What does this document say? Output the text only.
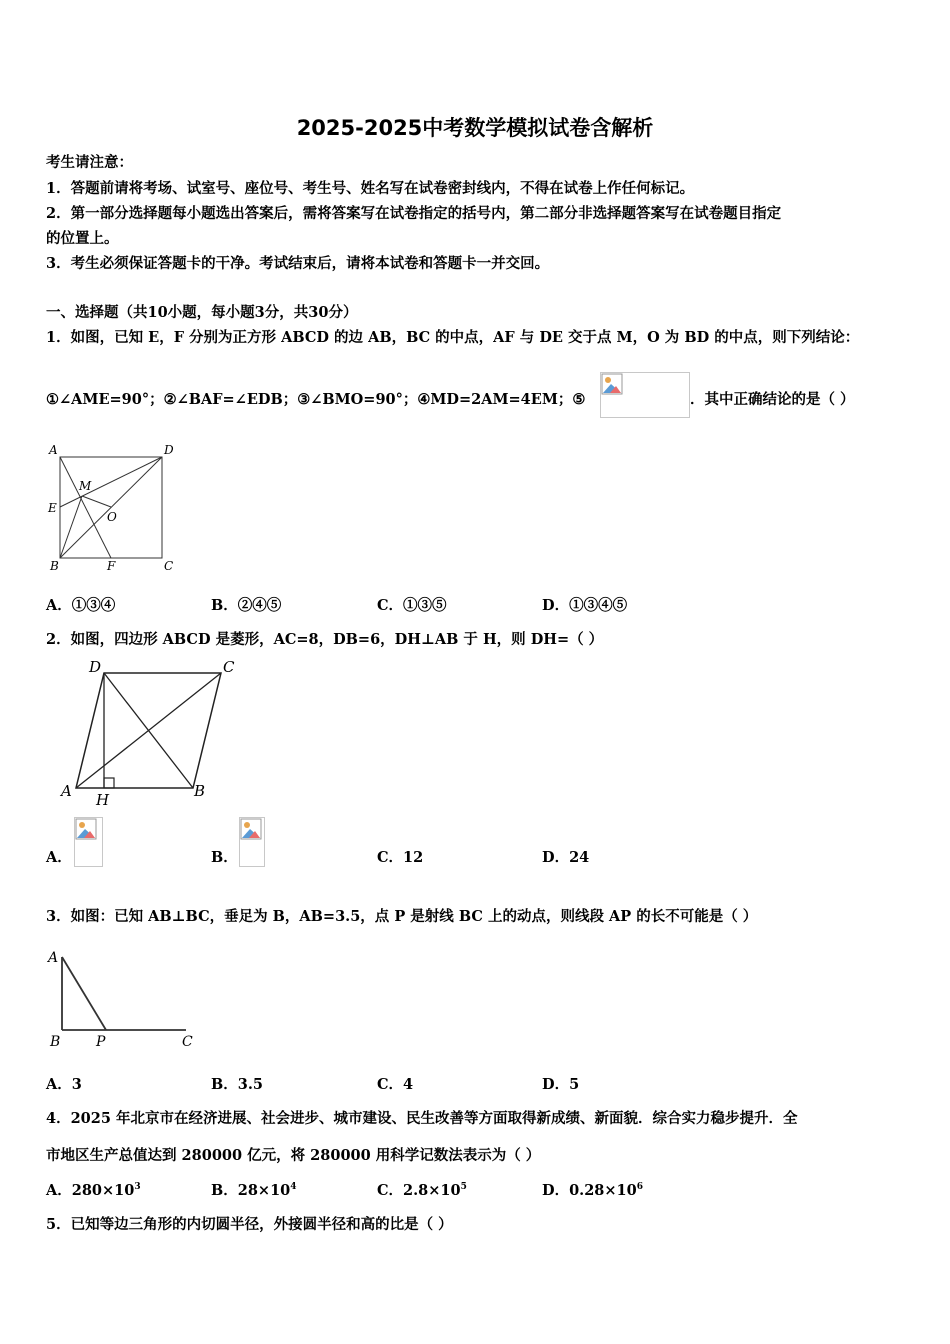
2025-2025中考数学模拟试卷含解析
考生请注意：
1．答题前请将考场、试室号、座位号、考生号、姓名写在试卷密封线内，不得在试卷上作任何标记。
2．第一部分选择题每小题选出答案后，需将答案写在试卷指定的括号内，第二部分非选择题答案写在试卷题目指定
的位置上。
3．考生必须保证答题卡的干净。考试结束后，请将本试卷和答题卡一并交回。
一、选择题（共10小题，每小题3分，共30分）
1．如图，已知 E，F 分别为正方形 ABCD 的边 AB，BC 的中点，AF 与 DE 交于点 M，O 为 BD 的中点，则下列结论：
①∠AME=90°；②∠BAF=∠EDB；③∠BMO=90°；④MD=2AM=4EM；⑤	．其中正确结论的是（ ）
A	D
M
E
O
B	F	C
A．①③④	B．②④⑤	C．①③⑤	D．①③④⑤
2．如图，四边形 ABCD 是菱形，AC=8，DB=6，DH⊥AB 于 H，则 DH=（ ）
D	C
A H	B
A．	B．	C．12	D．24
3．如图：已知 AB⊥BC，垂足为 B，AB=3.5，点 P 是射线 BC 上的动点，则线段 AP 的长不可能是（ ）
A
B	P	C
A．3	B．3.5	C．4	D．5
4．2025 年北京市在经济进展、社会进步、城市建设、民生改善等方面取得新成绩、新面貌．综合实力稳步提升．全
市地区生产总值达到 280000 亿元，将 280000 用科学记数法表示为（ ）
A．$280\times 10^3$	B．$28\times 10^4$	C．$2.8\times 10^5$	D．$0.28\times 10^6$
5．已知等边三角形的内切圆半径，外接圆半径和高的比是（ ）
